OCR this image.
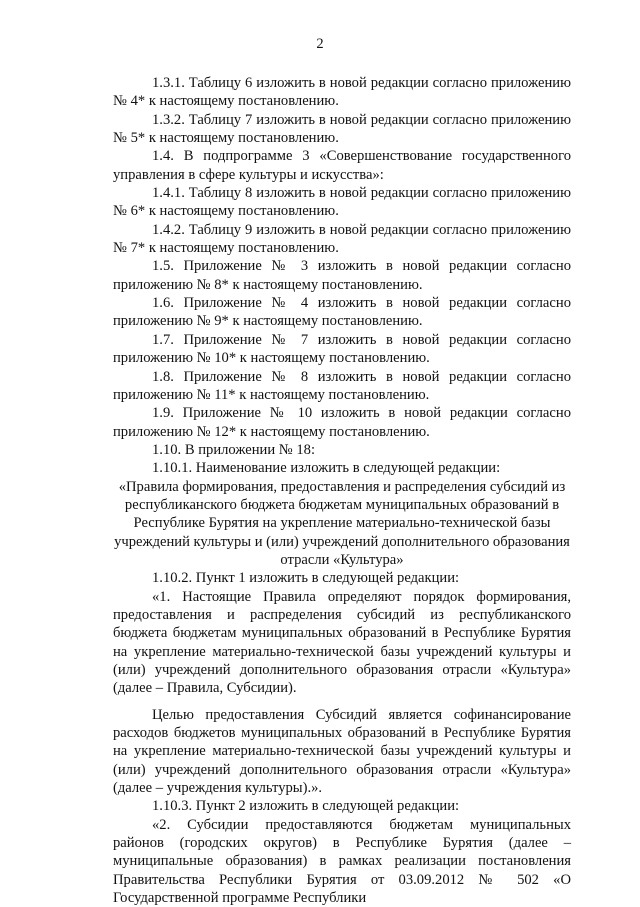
2

1.3.1. Таблицу 6 изложить в новой редакции согласно приложению № 4* к настоящему постановлению.

1.3.2. Таблицу 7 изложить в новой редакции согласно приложению № 5* к настоящему постановлению.

1.4. В подпрограмме 3 «Совершенствование государственного управления в сфере культуры и искусства»:

1.4.1. Таблицу 8 изложить в новой редакции согласно приложению № 6* к настоящему постановлению.

1.4.2. Таблицу 9 изложить в новой редакции согласно приложению № 7* к настоящему постановлению.

1.5. Приложение № 3 изложить в новой редакции согласно приложению № 8* к настоящему постановлению.

1.6. Приложение № 4 изложить в новой редакции согласно приложению № 9* к настоящему постановлению.

1.7. Приложение № 7 изложить в новой редакции согласно приложению № 10* к настоящему постановлению.

1.8. Приложение № 8 изложить в новой редакции согласно приложению № 11* к настоящему постановлению.

1.9. Приложение № 10 изложить в новой редакции согласно приложению № 12* к настоящему постановлению.

1.10. В приложении № 18:

1.10.1. Наименование изложить в следующей редакции:

«Правила формирования, предоставления и распределения субсидий из республиканского бюджета бюджетам муниципальных образований в Республике Бурятия на укрепление материально-технической базы учреждений культуры и (или) учреждений дополнительного образования отрасли «Культура»

1.10.2. Пункт 1 изложить в следующей редакции:

«1. Настоящие Правила определяют порядок формирования, предоставления и распределения субсидий из республиканского бюджета бюджетам муниципальных образований в Республике Бурятия на укрепление материально-технической базы учреждений культуры и (или) учреждений дополнительного образования отрасли «Культура» (далее – Правила, Субсидии).

Целью предоставления Субсидий является софинансирование расходов бюджетов муниципальных образований в Республике Бурятия на укрепление материально-технической базы учреждений культуры и (или) учреждений дополнительного образования отрасли «Культура» (далее – учреждения культуры).».

1.10.3. Пункт 2 изложить в следующей редакции:

«2. Субсидии предоставляются бюджетам муниципальных районов (городских округов) в Республике Бурятия (далее – муниципальные образования) в рамках реализации постановления Правительства Республики Бурятия от 03.09.2012 № 502 «О Государственной программе Республики
